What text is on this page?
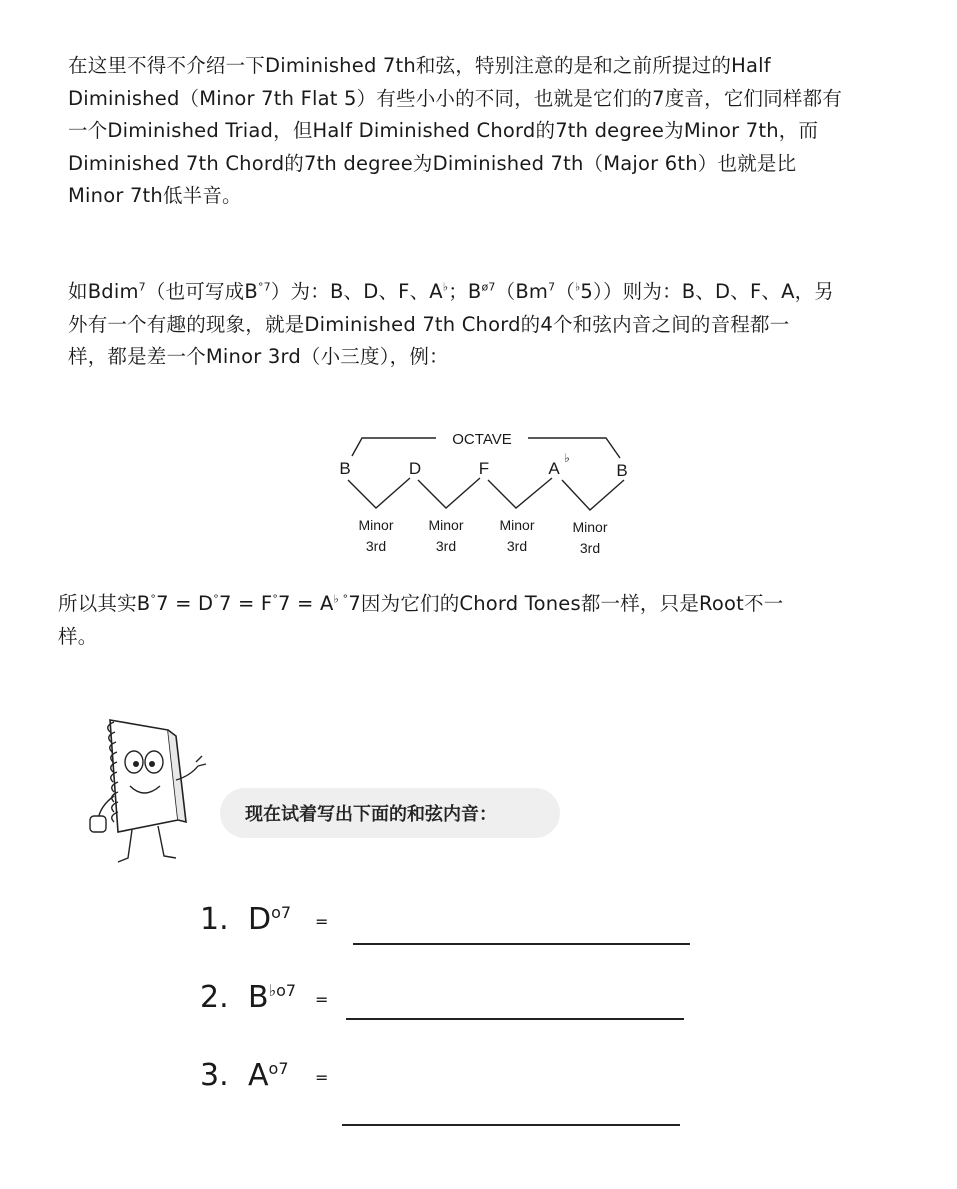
在这里不得不介绍一下Diminished 7th和弦，特别注意的是和之前所提过的Half
Diminished（Minor 7th Flat 5）有些小小的不同，也就是它们的7度音，它们同样都有
一个Diminished Triad，但Half Diminished Chord的7th degree为Minor 7th，而
Diminished 7th Chord的7th degree为Diminished 7th（Major 6th）也就是比
Minor 7th低半音。
如Bdim$^7$（也可写成$B^{^\circ 7}$）为：B、D、F、A♭；$B^{ø7}(Bm^7(^♭5))$则为：B、D、F、A，另
外有一个有趣的现象，就是Diminished 7th Chord的4个和弦内音之间的音程都一
样，都是差一个Minor 3rd（小三度），例：
OCTAVE
B	D	F	A
♭
B
Minor
3rd
Minor
3rd
Minor
3rd
Minor
3rd
所以其实B°7 = D°7 = F°7 = A♭ °7因为它们的Chord Tones都一样，只是Root不一
样。
现在试着写出下面的和弦内音：
1. $D^{o7}$ =
2. $B^{♭o7}$ =
3. $A^{o7}$ =
